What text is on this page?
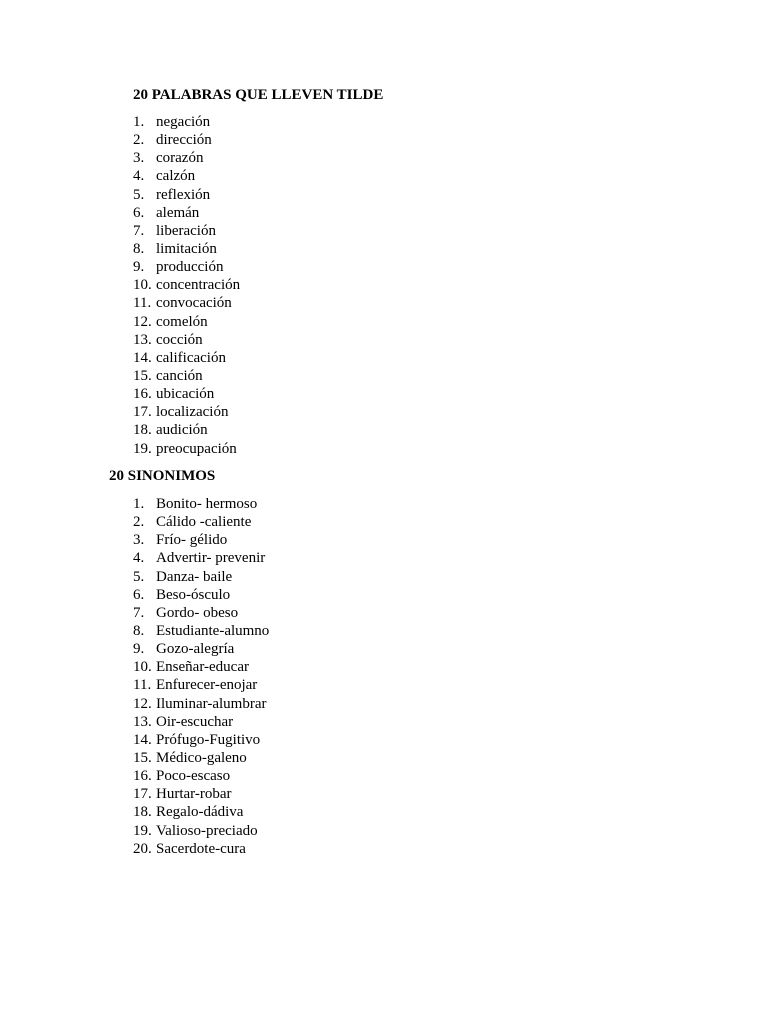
20 PALABRAS QUE LLEVEN TILDE
1. negación
2. dirección
3. corazón
4. calzón
5. reflexión
6. alemán
7. liberación
8. limitación
9. producción
10. concentración
11. convocación
12. comelón
13. cocción
14. calificación
15. canción
16. ubicación
17. localización
18. audición
19. preocupación
20 SINONIMOS
1. Bonito- hermoso
2. Cálido -caliente
3. Frío- gélido
4. Advertir- prevenir
5. Danza- baile
6. Beso-ósculo
7. Gordo- obeso
8. Estudiante-alumno
9. Gozo-alegría
10. Enseñar-educar
11. Enfurecer-enojar
12. Iluminar-alumbrar
13. Oir-escuchar
14. Prófugo-Fugitivo
15. Médico-galeno
16. Poco-escaso
17. Hurtar-robar
18. Regalo-dádiva
19. Valioso-preciado
20. Sacerdote-cura
